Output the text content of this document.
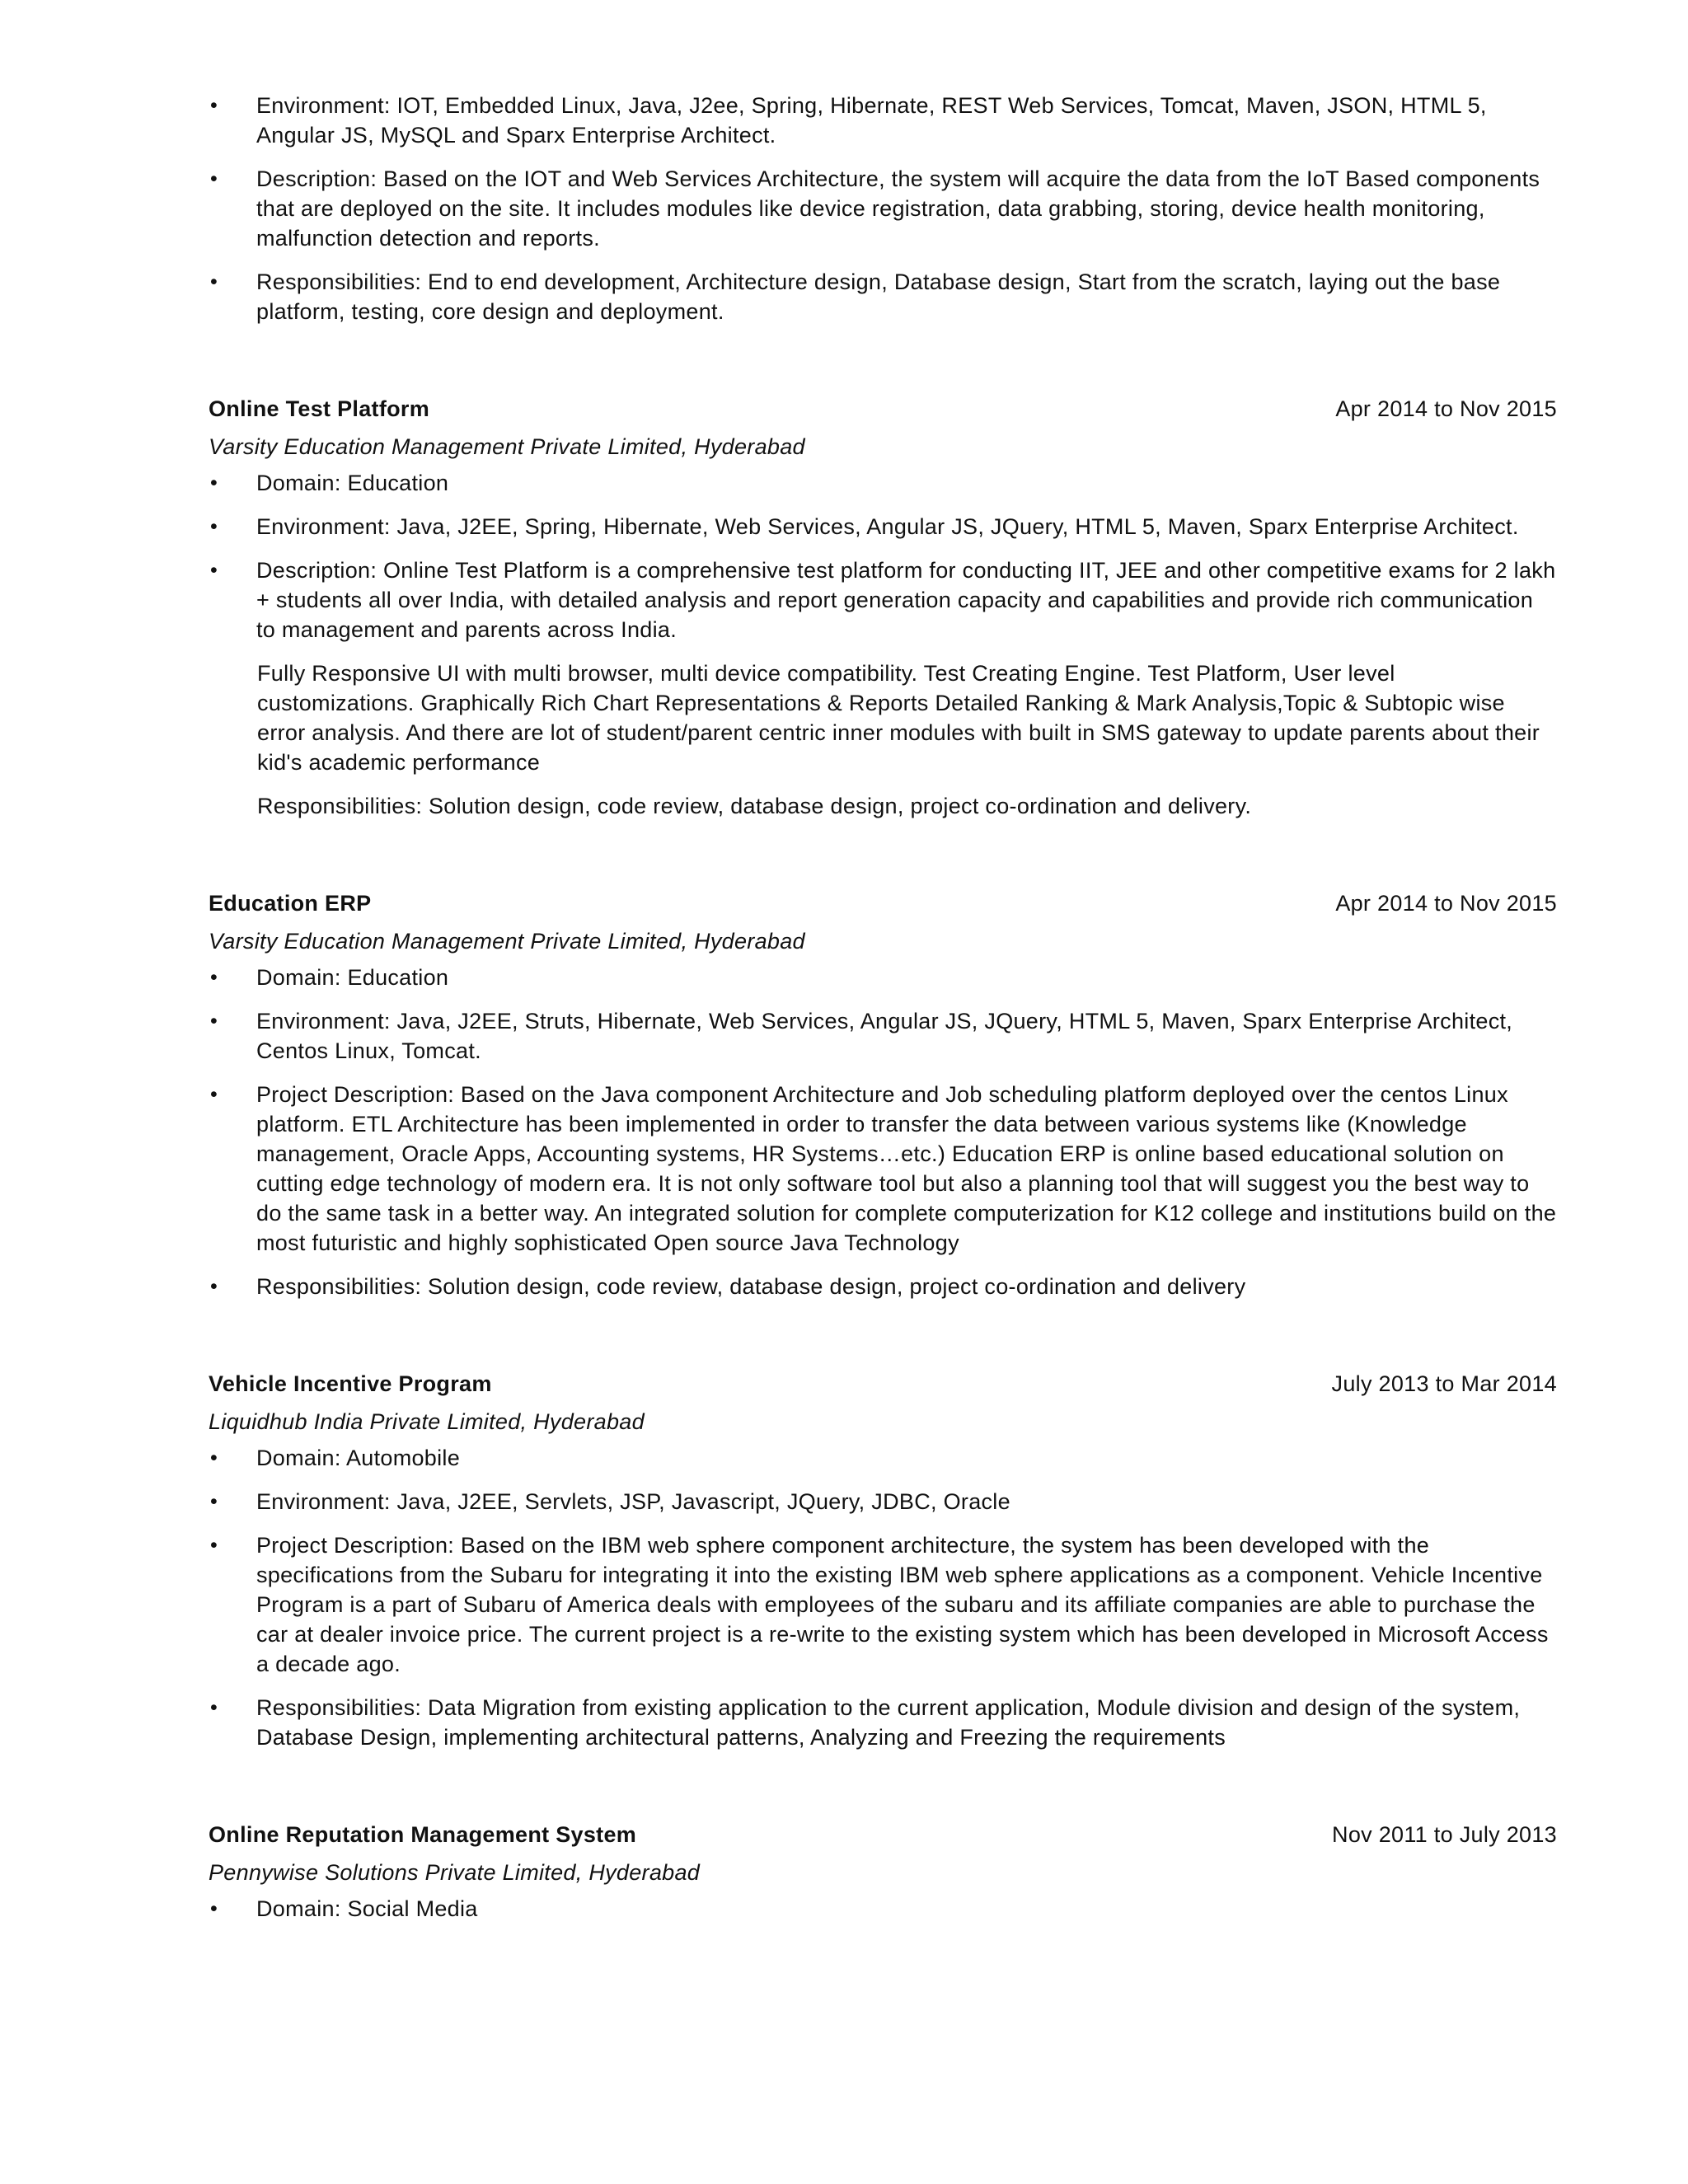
•	Environment: IOT, Embedded Linux, Java, J2ee, Spring, Hibernate, REST Web Services, Tomcat, Maven, JSON, HTML 5, Angular JS, MySQL and Sparx Enterprise Architect.
•	Description: Based on the IOT and Web Services Architecture, the system will acquire the data from the IoT Based components that are deployed on the site. It includes modules like device registration, data grabbing, storing, device health monitoring, malfunction detection and reports.
•	Responsibilities: End to end development, Architecture design, Database design, Start from the scratch, laying out the base platform, testing, core design and deployment.
Online Test Platform	Apr 2014 to Nov 2015
Varsity Education Management Private Limited, Hyderabad
•	Domain: Education
•	Environment: Java, J2EE, Spring, Hibernate, Web Services, Angular JS, JQuery, HTML 5, Maven, Sparx Enterprise Architect.
•	Description: Online Test Platform is a comprehensive test platform for conducting IIT, JEE and other competitive exams for 2 lakh + students all over India, with detailed analysis and report generation capacity and capabilities and provide rich communication to management and parents across India.
Fully Responsive UI with multi browser, multi device compatibility. Test Creating Engine. Test Platform, User level customizations. Graphically Rich Chart Representations & Reports Detailed Ranking & Mark Analysis,Topic & Subtopic wise error analysis. And there are lot of student/parent centric inner modules with built in SMS gateway to update parents about their kid's academic performance
Responsibilities: Solution design, code review, database design, project co-ordination and delivery.
Education ERP	Apr 2014 to Nov 2015
Varsity Education Management Private Limited, Hyderabad
•	Domain: Education
•	Environment: Java, J2EE, Struts, Hibernate, Web Services, Angular JS, JQuery, HTML 5, Maven, Sparx Enterprise Architect, Centos Linux, Tomcat.
•	Project Description: Based on the Java component Architecture and Job scheduling platform deployed over the centos Linux platform. ETL Architecture has been implemented in order to transfer the data between various systems like (Knowledge management, Oracle Apps, Accounting systems, HR Systems…etc.) Education ERP is online based educational solution on cutting edge technology of modern era. It is not only software tool but also a planning tool that will suggest you the best way to do the same task in a better way. An integrated solution for complete computerization for K12 college and institutions build on the most futuristic and highly sophisticated Open source Java Technology
•	Responsibilities: Solution design, code review, database design, project co-ordination and delivery
Vehicle Incentive Program	July 2013 to Mar 2014
Liquidhub India Private Limited, Hyderabad
•	Domain: Automobile
•	Environment: Java, J2EE, Servlets, JSP, Javascript, JQuery, JDBC, Oracle
•	Project Description: Based on the IBM web sphere component architecture, the system has been developed with the specifications from the Subaru for integrating it into the existing IBM web sphere applications as a component. Vehicle Incentive Program is a part of Subaru of America deals with employees of the subaru and its affiliate companies are able to purchase the car at dealer invoice price. The current project is a re-write to the existing system which has been developed in Microsoft Access a decade ago.
•	Responsibilities: Data Migration from existing application to the current application, Module division and design of the system, Database Design, implementing architectural patterns, Analyzing and Freezing the requirements
Online Reputation Management System	Nov 2011 to July 2013
Pennywise Solutions Private Limited, Hyderabad
•	Domain: Social Media
